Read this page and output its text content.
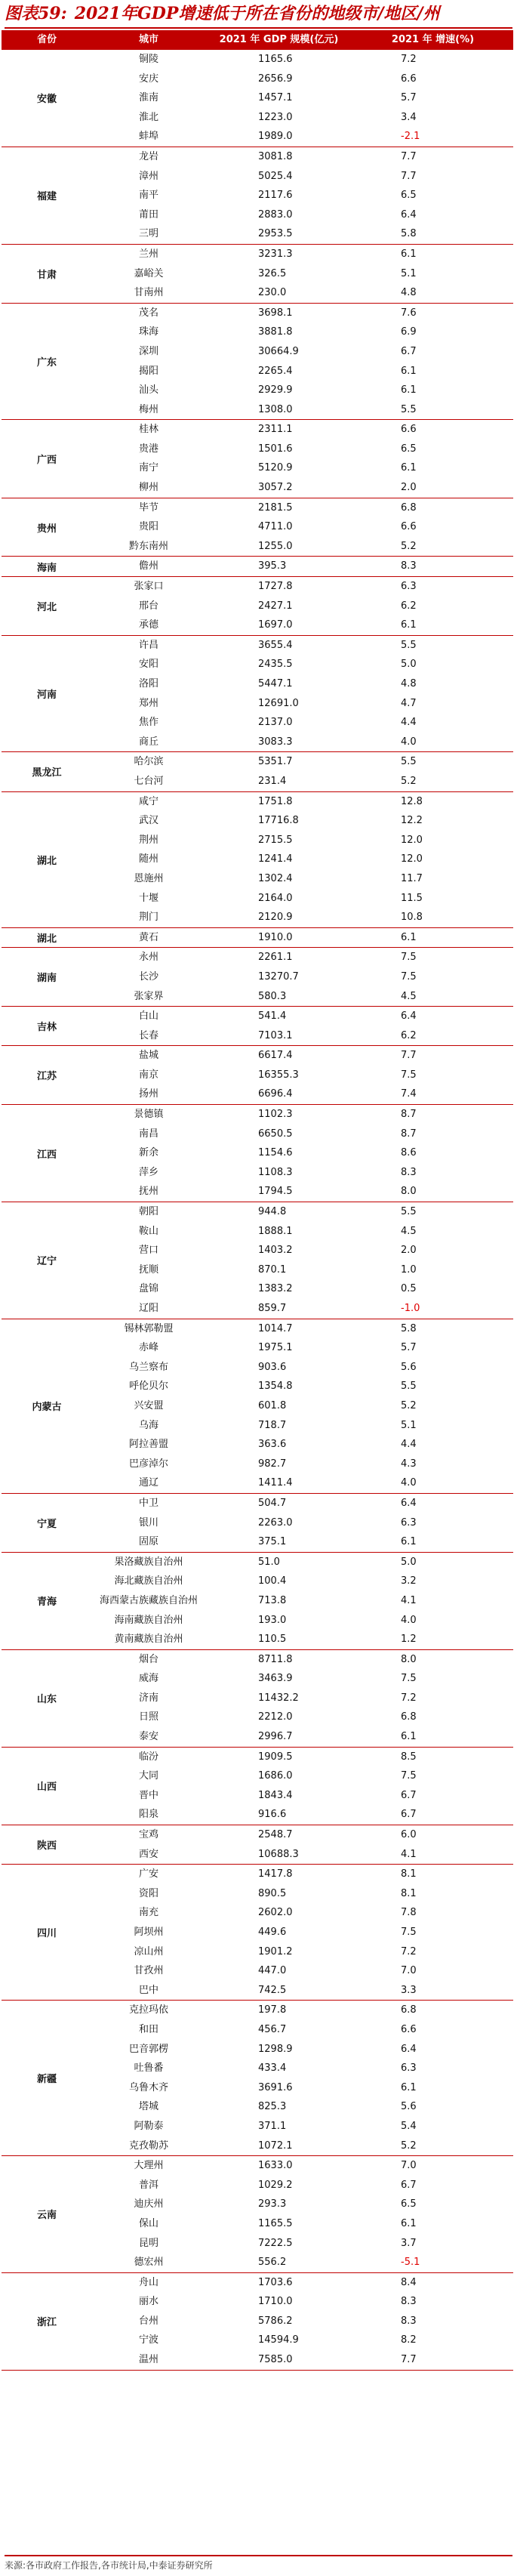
图表59: 2021年GDP增速低于所在省份的地级市/地区/州
省份	城市	2021 年 GDP 规模(亿元)	2021 年 增速(%)
安徽
铜陵	1165.6	7.2
安庆	2656.9	6.6
淮南	1457.1	5.7
淮北	1223.0	3.4
蚌埠	1989.0	-2.1
福建
龙岩	3081.8	7.7
漳州	5025.4	7.7
南平	2117.6	6.5
莆田	2883.0	6.4
三明	2953.5	5.8
甘肃
兰州	3231.3	6.1
嘉峪关	326.5	5.1
甘南州	230.0	4.8
广东
茂名	3698.1	7.6
珠海	3881.8	6.9
深圳	30664.9	6.7
揭阳	2265.4	6.1
汕头	2929.9	6.1
梅州	1308.0	5.5
广西
桂林	2311.1	6.6
贵港	1501.6	6.5
南宁	5120.9	6.1
柳州	3057.2	2.0
贵州
毕节	2181.5	6.8
贵阳	4711.0	6.6
黔东南州	1255.0	5.2
海南	儋州	395.3	8.3
河北
张家口	1727.8	6.3
邢台	2427.1	6.2
承德	1697.0	6.1
河南
许昌	3655.4	5.5
安阳	2435.5	5.0
洛阳	5447.1	4.8
郑州	12691.0	4.7
焦作	2137.0	4.4
商丘	3083.3	4.0
黑龙江
哈尔滨	5351.7	5.5
七台河	231.4	5.2
湖北
咸宁	1751.8	12.8
武汉	17716.8	12.2
荆州	2715.5	12.0
随州	1241.4	12.0
恩施州	1302.4	11.7
十堰	2164.0	11.5
荆门	2120.9	10.8
湖北	黄石	1910.0	6.1
湖南
永州	2261.1	7.5
长沙	13270.7	7.5
张家界	580.3	4.5
吉林
白山	541.4	6.4
长春	7103.1	6.2
江苏
盐城	6617.4	7.7
南京	16355.3	7.5
扬州	6696.4	7.4
江西
景德镇	1102.3	8.7
南昌	6650.5	8.7
新余	1154.6	8.6
萍乡	1108.3	8.3
抚州	1794.5	8.0
辽宁
朝阳	944.8	5.5
鞍山	1888.1	4.5
营口	1403.2	2.0
抚顺	870.1	1.0
盘锦	1383.2	0.5
辽阳	859.7	-1.0
内蒙古
锡林郭勒盟	1014.7	5.8
赤峰	1975.1	5.7
乌兰察布	903.6	5.6
呼伦贝尔	1354.8	5.5
兴安盟	601.8	5.2
乌海	718.7	5.1
阿拉善盟	363.6	4.4
巴彦淖尔	982.7	4.3
通辽	1411.4	4.0
宁夏
中卫	504.7	6.4
银川	2263.0	6.3
固原	375.1	6.1
青海
果洛藏族自治州	51.0	5.0
海北藏族自治州	100.4	3.2
海西蒙古族藏族自治州	713.8	4.1
海南藏族自治州	193.0	4.0
黄南藏族自治州	110.5	1.2
山东
烟台	8711.8	8.0
威海	3463.9	7.5
济南	11432.2	7.2
日照	2212.0	6.8
泰安	2996.7	6.1
山西
临汾	1909.5	8.5
大同	1686.0	7.5
晋中	1843.4	6.7
阳泉	916.6	6.7
陕西
宝鸡	2548.7	6.0
西安	10688.3	4.1
四川
广安	1417.8	8.1
资阳	890.5	8.1
南充	2602.0	7.8
阿坝州	449.6	7.5
凉山州	1901.2	7.2
甘孜州	447.0	7.0
巴中	742.5	3.3
新疆
克拉玛依	197.8	6.8
和田	456.7	6.6
巴音郭楞	1298.9	6.4
吐鲁番	433.4	6.3
乌鲁木齐	3691.6	6.1
塔城	825.3	5.6
阿勒泰	371.1	5.4
克孜勒苏	1072.1	5.2
云南
大理州	1633.0	7.0
普洱	1029.2	6.7
迪庆州	293.3	6.5
保山	1165.5	6.1
昆明	7222.5	3.7
德宏州	556.2	-5.1
浙江
舟山	1703.6	8.4
丽水	1710.0	8.3
台州	5786.2	8.3
宁波	14594.9	8.2
温州	7585.0	7.7
来源:各市政府工作报告,各市统计局,中泰证券研究所
